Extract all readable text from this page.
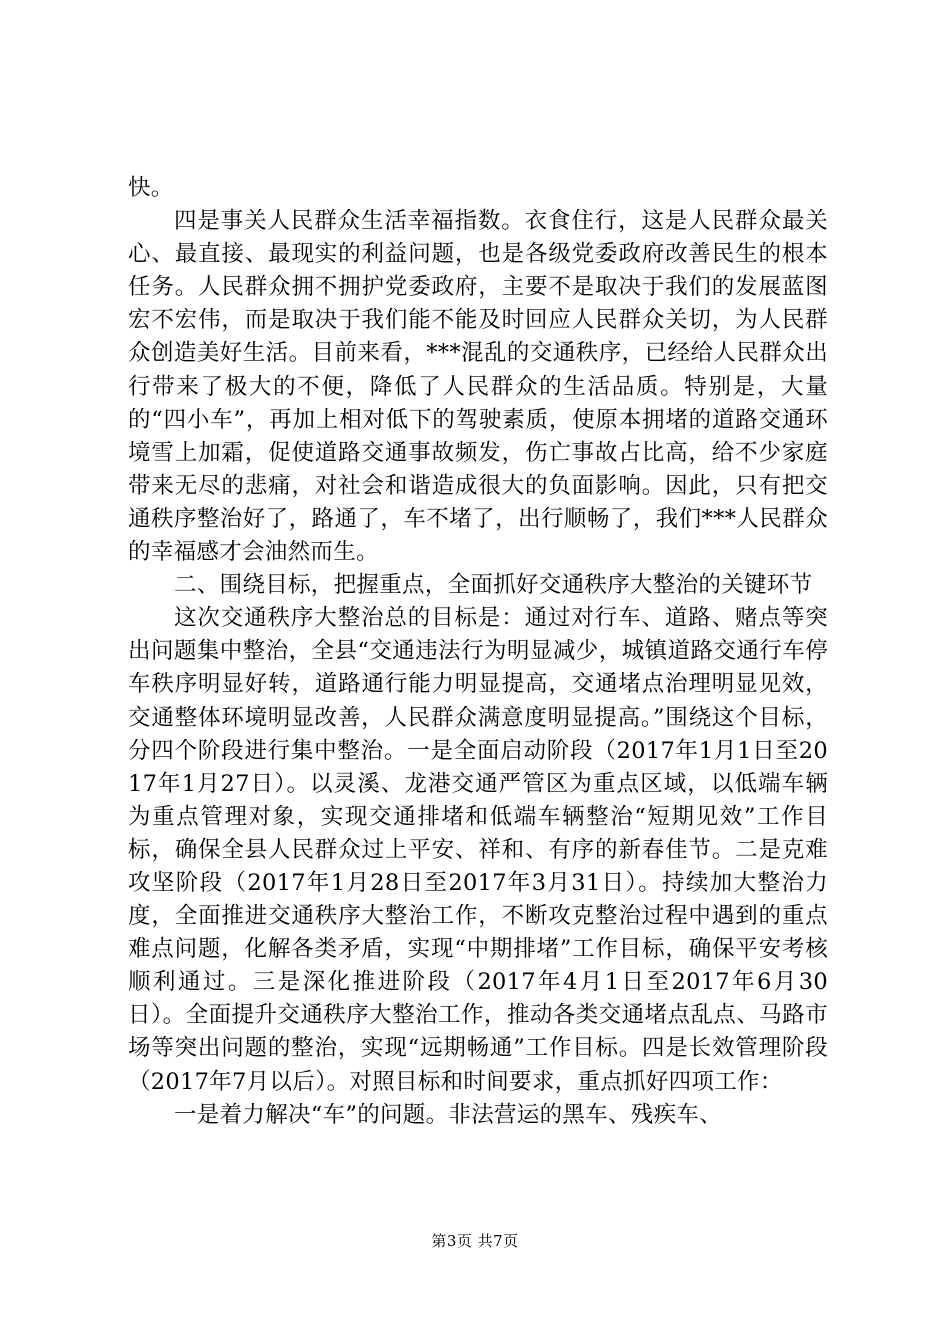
快。

四是事关人民群众生活幸福指数。衣食住行，这是人民群众最关心、最直接、最现实的利益问题，也是各级党委政府改善民生的根本任务。人民群众拥不拥护党委政府，主要不是取决于我们的发展蓝图宏不宏伟，而是取决于我们能不能及时回应人民群众关切，为人民群众创造美好生活。目前来看，***混乱的交通秩序，已经给人民群众出行带来了极大的不便，降低了人民群众的生活品质。特别是，大量的“四小车”，再加上相对低下的驾驶素质，使原本拥堵的道路交通环境雪上加霜，促使道路交通事故频发，伤亡事故占比高，给不少家庭带来无尽的悲痛，对社会和谐造成很大的负面影响。因此，只有把交通秩序整治好了，路通了，车不堵了，出行顺畅了，我们***人民群众的幸福感才会油然而生。

二、围绕目标，把握重点，全面抓好交通秩序大整治的关键环节

这次交通秩序大整治总的目标是：通过对行车、道路、赌点等突出问题集中整治，全县“交通违法行为明显减少，城镇道路交通行车停车秩序明显好转，道路通行能力明显提高，交通堵点治理明显见效，交通整体环境明显改善，人民群众满意度明显提高。”围绕这个目标，分四个阶段进行集中整治。一是全面启动阶段（2017年1月1日至2017年1月27日）。以灵溪、龙港交通严管区为重点区域，以低端车辆为重点管理对象，实现交通排堵和低端车辆整治“短期见效”工作目标，确保全县人民群众过上平安、祥和、有序的新春佳节。二是克难攻坚阶段（2017年1月28日至2017年3月31日）。持续加大整治力度，全面推进交通秩序大整治工作，不断攻克整治过程中遇到的重点难点问题，化解各类矛盾，实现“中期排堵”工作目标，确保平安考核顺利通过。三是深化推进阶段（2017年4月1日至2017年6月30日）。全面提升交通秩序大整治工作，推动各类交通堵点乱点、马路市场等突出问题的整治，实现“远期畅通”工作目标。四是长效管理阶段（2017年7月以后）。对照目标和时间要求，重点抓好四项工作：

一是着力解决“车”的问题。非法营运的黑车、残疾车、

第3页 共7页
